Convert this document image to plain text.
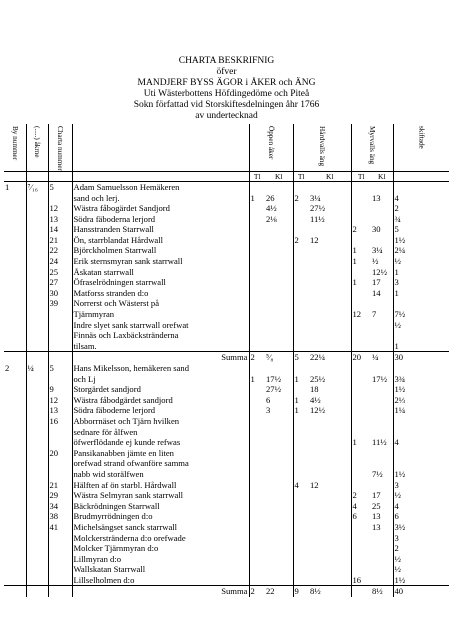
CHARTA BESKRIFNIG
öfver
MANDJERF BYSS ÄGOR i ÅKER och ÄNG
Uti Wästerbottens Höfdingedöme och Piteå
Sokn författad vid Storskiftesdelningen åhr 1766
av undertecknad
By nummer	(.....) åkrne	Charta nummer		Öppen åker		Hårdvalls äng		Myrvalls äng		skiftade

				Tl	Kl	Tl	Kl	Tl	Kl	
1	⁷⁄₁₆	5	Adam Samuelsson Hemäkeren							
			sand och lerj.	1	26	2	3¼		13	4
		12	Wästra fåbogärdet Sandjord		4½		27½			2
		13	Södra fäboderna lerjord		2⅛		11½			¾
		14	Hansstranden Starrwall					2	30	5
		21	Ön, starrblandat Hårdwall			2	12			1½
		22	Björckholmen Starrwall					1	3¼	2¼
		24	Erik sternsmyran sank starrwall					1	½	½
		25	Åskatan starrwall						12½	1
		27	Öfraselrödningen starrwall					1	17	3
		30	Matforss stranden d:o						14	1
		39	Norrerst och Wästerst på							
			Tjärnmyran					12	7	7½
			Indre slyet sank starrwall orefwat							½
			Finnäs och Laxbäckstränderna							
			tilsam.							1
			Summa	2	⁵⁄₈	5	22¼	20	¼	30
2	¼	5	Hans Mikelsson, hemäkeren sand							
			och Lj	1	17½	1	25½		17½	3¾
		9	Storgärdet sandjord		27½		18			1½
		12	Wästra fåbodgärdet sandjord		6	1	4½			2⅓
		13	Södra fäboderne lerjord		3	1	12½			1¼
		16	Abborrnäset och Tjärn hvilken							
			sednare för ålfwen							
			öfwerflödande ej kunde refwas					1	11½	4
		20	Pansikanabben jämte en liten							
			orefwad strand ofwanföre samma							
			nabb wid storälfwen						7½	1½
		21	Hälften af ön starbl. Hårdwall			4	12			3
		29	Wästra Selmyran sank starrwall					2	17	½
		34	Bäckrödningen Starrwall					4	25	4
		38	Brudmyrrödningen d:o					6	13	6
		41	Michelsängset sanck starrwall						13	3½
			Molckerstränderna d:o orefwade							3
			Molcker Tjärnmyran d:o							2
			Lillmyran d:o							½
			Wallskatan Starrwall							½
			Lillselholmen d:o					16		1½
			Summa	2	22	9	8½		8½	40
